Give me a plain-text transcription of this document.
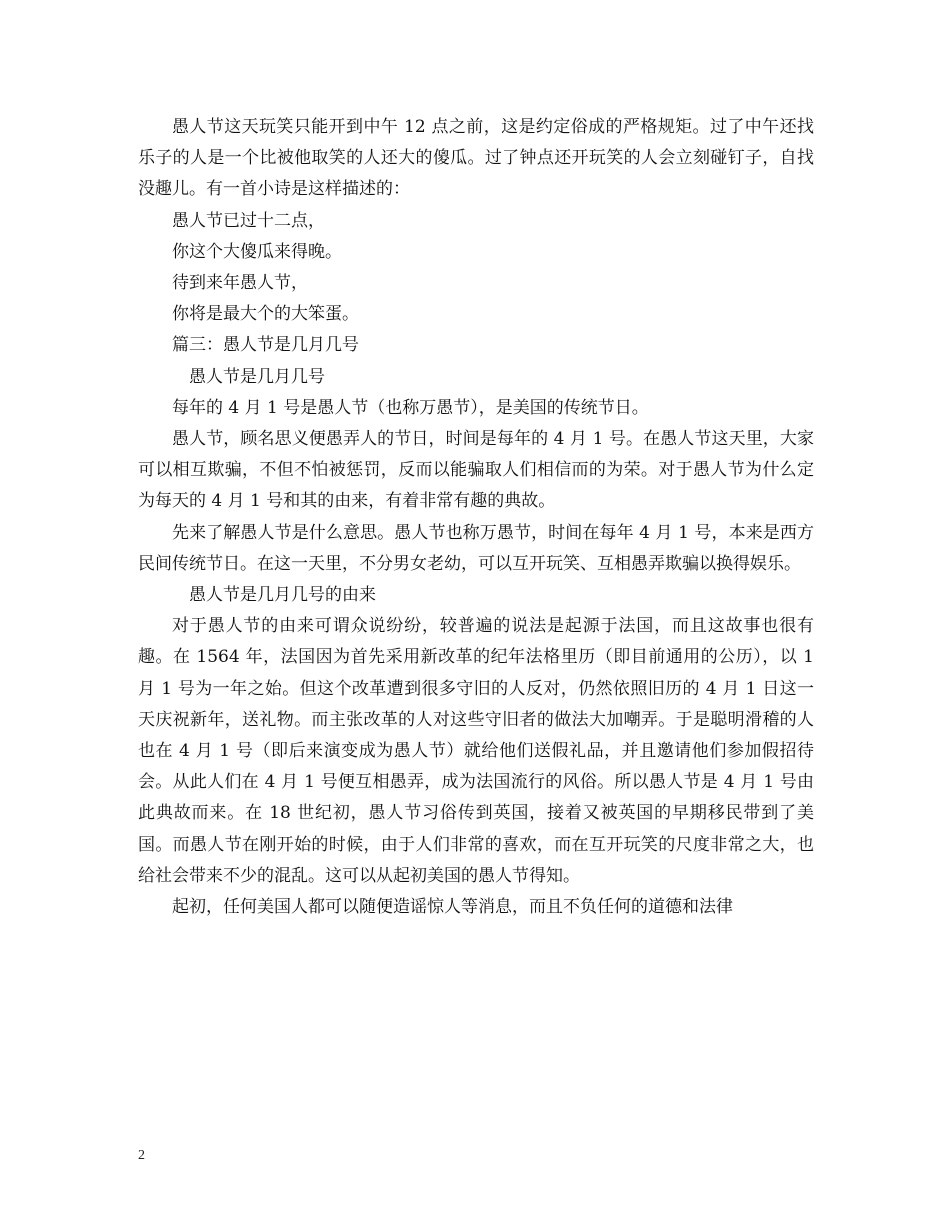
愚人节这天玩笑只能开到中午 12 点之前，这是约定俗成的严格规矩。过了中午还找乐子的人是一个比被他取笑的人还大的傻瓜。过了钟点还开玩笑的人会立刻碰钉子，自找没趣儿。有一首小诗是这样描述的：

愚人节已过十二点，

你这个大傻瓜来得晚。

待到来年愚人节，

你将是最大个的大笨蛋。

篇三：愚人节是几月几号

愚人节是几月几号

每年的 4 月 1 号是愚人节（也称万愚节），是美国的传统节日。

愚人节，顾名思义便愚弄人的节日，时间是每年的 4 月 1 号。在愚人节这天里，大家可以相互欺骗，不但不怕被惩罚，反而以能骗取人们相信而的为荣。对于愚人节为什么定为每天的 4 月 1 号和其的由来，有着非常有趣的典故。

先来了解愚人节是什么意思。愚人节也称万愚节，时间在每年 4 月 1 号，本来是西方民间传统节日。在这一天里，不分男女老幼，可以互开玩笑、互相愚弄欺骗以换得娱乐。

愚人节是几月几号的由来

对于愚人节的由来可谓众说纷纷，较普遍的说法是起源于法国，而且这故事也很有趣。在 1564 年，法国因为首先采用新改革的纪年法格里历（即目前通用的公历），以 1 月 1 号为一年之始。但这个改革遭到很多守旧的人反对，仍然依照旧历的 4 月 1 日这一天庆祝新年，送礼物。而主张改革的人对这些守旧者的做法大加嘲弄。于是聪明滑稽的人也在 4 月 1 号（即后来演变成为愚人节）就给他们送假礼品，并且邀请他们参加假招待会。从此人们在 4 月 1 号便互相愚弄，成为法国流行的风俗。所以愚人节是 4 月 1 号由此典故而来。在 18 世纪初，愚人节习俗传到英国，接着又被英国的早期移民带到了美国。而愚人节在刚开始的时候，由于人们非常的喜欢，而在互开玩笑的尺度非常之大，也给社会带来不少的混乱。这可以从起初美国的愚人节得知。

起初，任何美国人都可以随便造谣惊人等消息，而且不负任何的道德和法律

2
